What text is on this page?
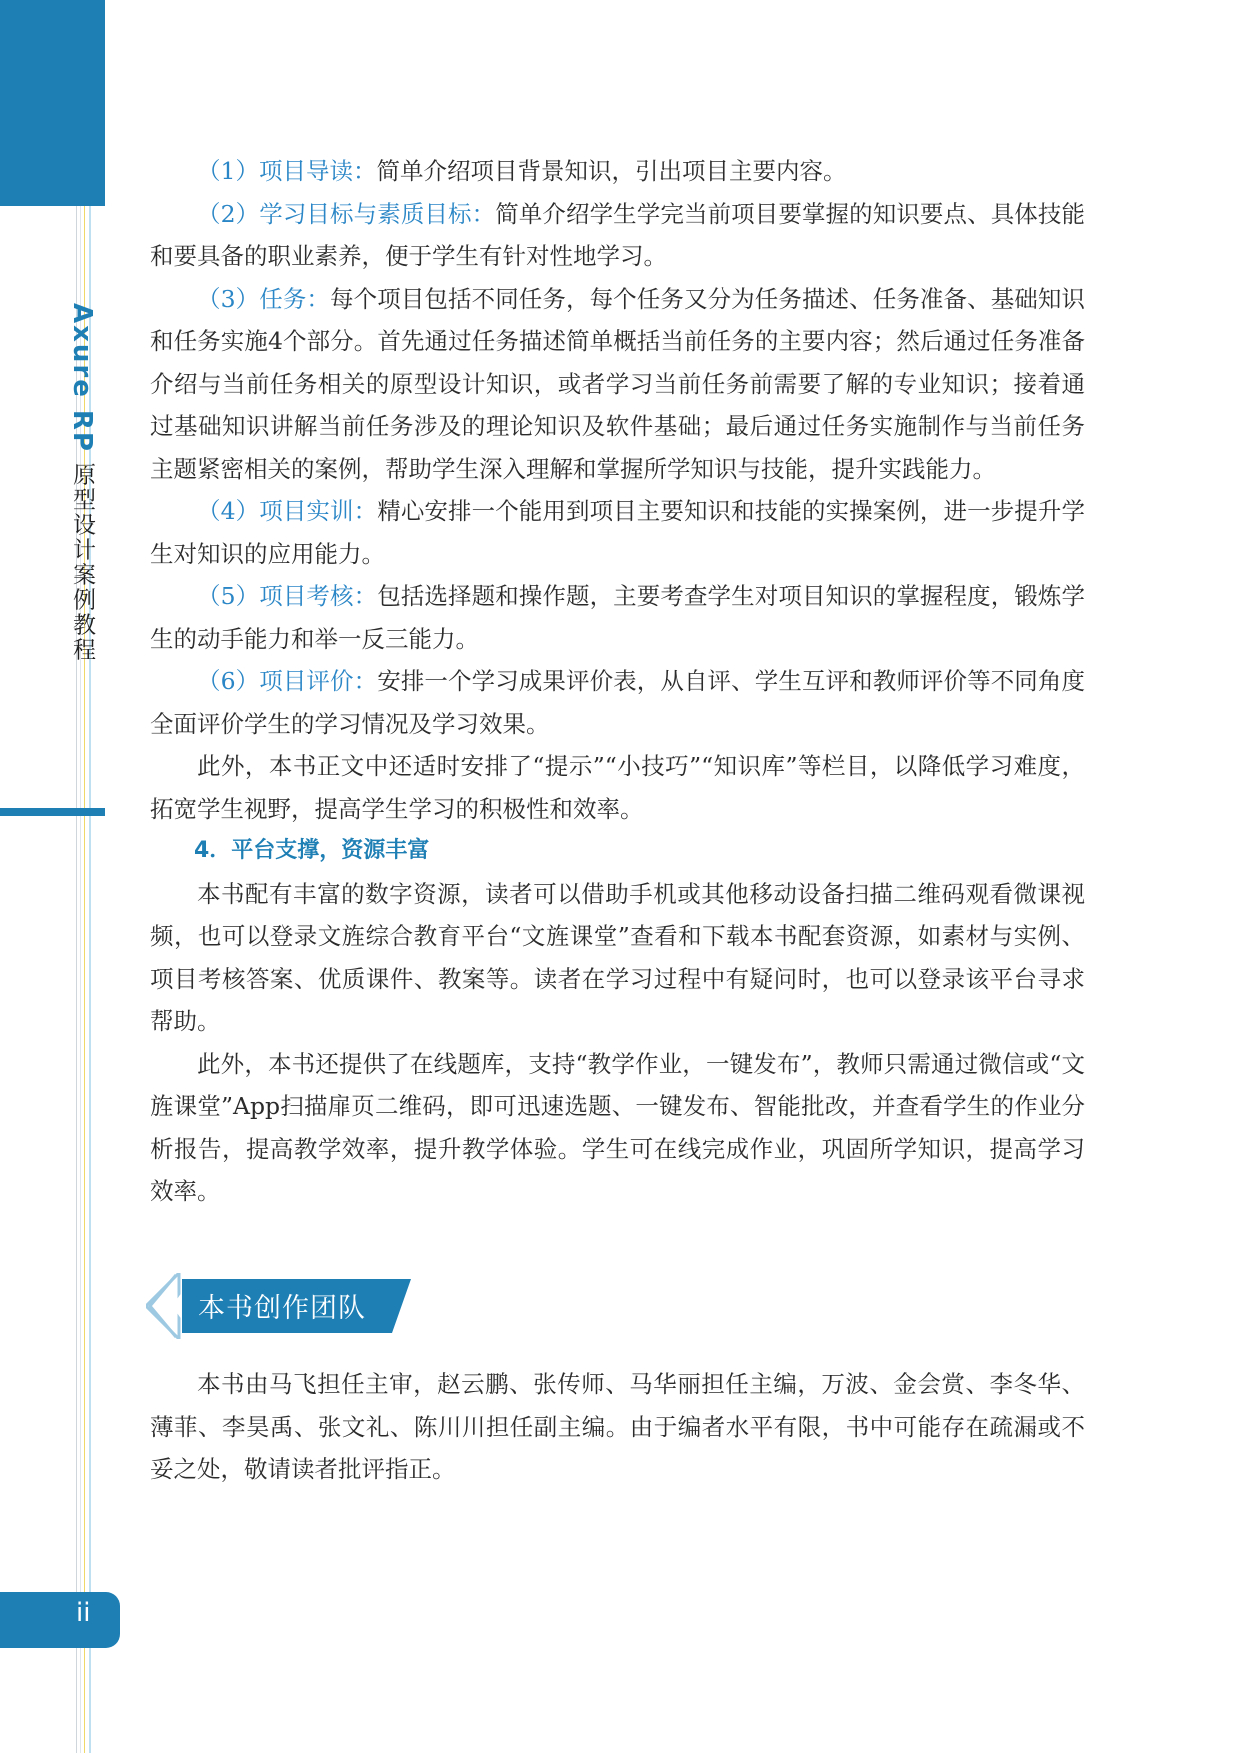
Axure RP 原型设计案例教程
ii

（1）项目导读：简单介绍项目背景知识，引出项目主要内容。

（2）学习目标与素质目标：简单介绍学生学完当前项目要掌握的知识要点、具体技能和要具备的职业素养，便于学生有针对性地学习。

（3）任务：每个项目包括不同任务，每个任务又分为任务描述、任务准备、基础知识和任务实施4个部分。首先通过任务描述简单概括当前任务的主要内容；然后通过任务准备介绍与当前任务相关的原型设计知识，或者学习当前任务前需要了解的专业知识；接着通过基础知识讲解当前任务涉及的理论知识及软件基础；最后通过任务实施制作与当前任务主题紧密相关的案例，帮助学生深入理解和掌握所学知识与技能，提升实践能力。

（4）项目实训：精心安排一个能用到项目主要知识和技能的实操案例，进一步提升学生对知识的应用能力。

（5）项目考核：包括选择题和操作题，主要考查学生对项目知识的掌握程度，锻炼学生的动手能力和举一反三能力。

（6）项目评价：安排一个学习成果评价表，从自评、学生互评和教师评价等不同角度全面评价学生的学习情况及学习效果。

此外，本书正文中还适时安排了“提示”“小技巧”“知识库”等栏目，以降低学习难度，拓宽学生视野，提高学生学习的积极性和效率。

4．平台支撑，资源丰富

本书配有丰富的数字资源，读者可以借助手机或其他移动设备扫描二维码观看微课视频，也可以登录文旌综合教育平台“文旌课堂”查看和下载本书配套资源，如素材与实例、项目考核答案、优质课件、教案等。读者在学习过程中有疑问时，也可以登录该平台寻求帮助。

此外，本书还提供了在线题库，支持“教学作业，一键发布”，教师只需通过微信或“文旌课堂”App扫描扉页二维码，即可迅速选题、一键发布、智能批改，并查看学生的作业分析报告，提高教学效率，提升教学体验。学生可在线完成作业，巩固所学知识，提高学习效率。

本书创作团队

本书由马飞担任主审，赵云鹏、张传师、马华丽担任主编，万波、金会赏、李冬华、薄菲、李昊禹、张文礼、陈川川担任副主编。由于编者水平有限，书中可能存在疏漏或不妥之处，敬请读者批评指正。
